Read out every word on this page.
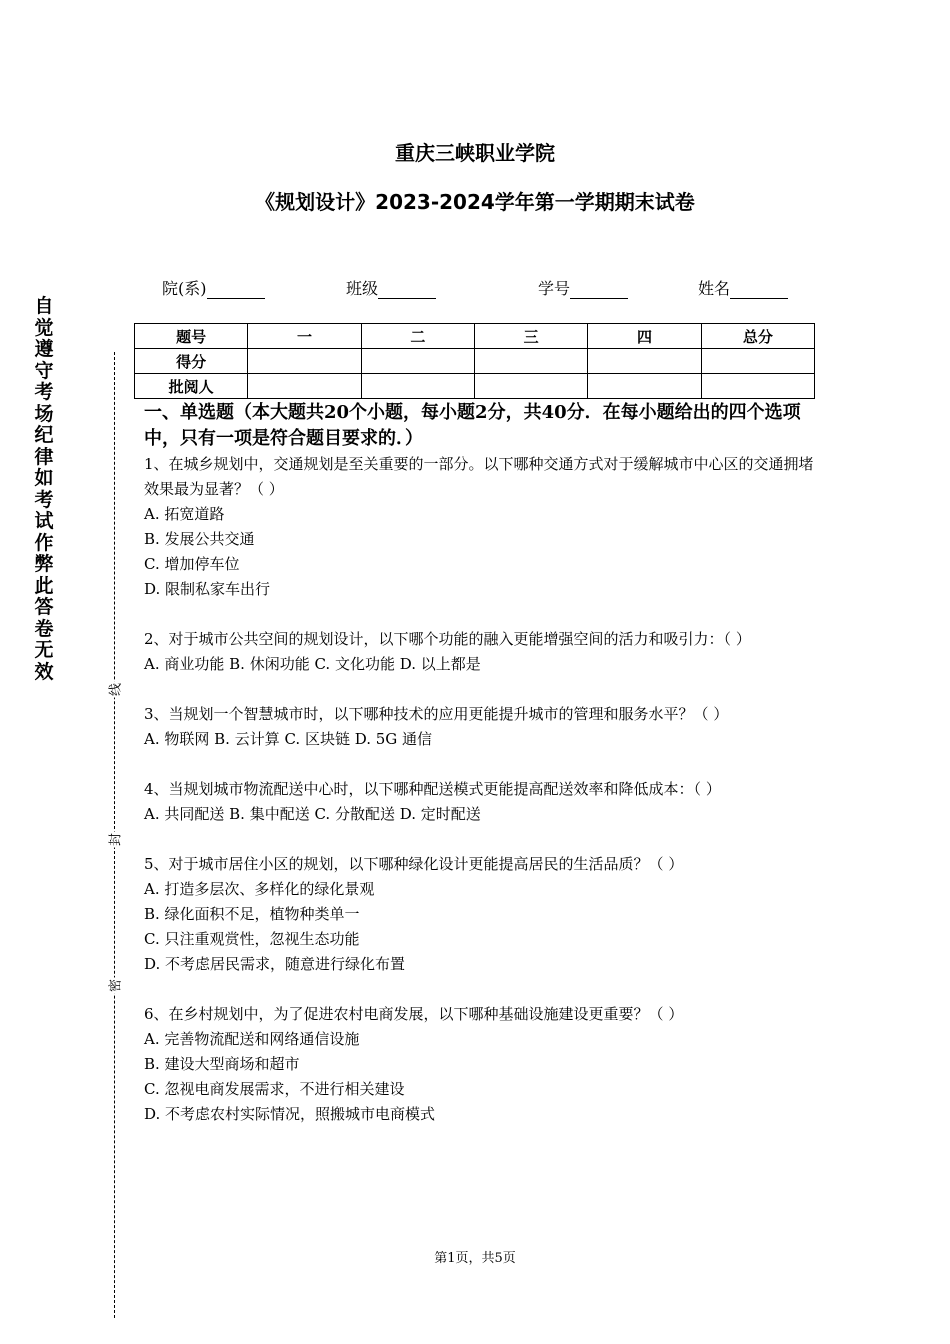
重庆三峡职业学院
《规划设计》2023-2024学年第一学期期末试卷
院(系)	班级	学号	姓名
题号	一	二	三	四	总分
得分					
批阅人					
自
觉
遵
守
考
场
纪
律
如
考
试
作
弊
此
答
卷
无
效
线
封
密

一、单选题（本大题共20个小题，每小题2分，共40分．在每小题给出的四个选项中，只有一项是符合题目要求的．）

1、在城乡规划中，交通规划是至关重要的一部分。以下哪种交通方式对于缓解城市中心区的交通拥堵效果最为显著？（ ）

A. 拓宽道路

B. 发展公共交通

C. 增加停车位

D. 限制私家车出行

2、对于城市公共空间的规划设计，以下哪个功能的融入更能增强空间的活力和吸引力：（ ）

A. 商业功能 B. 休闲功能 C. 文化功能 D. 以上都是

3、当规划一个智慧城市时，以下哪种技术的应用更能提升城市的管理和服务水平？（ ）

A. 物联网 B. 云计算 C. 区块链 D. 5G 通信

4、当规划城市物流配送中心时，以下哪种配送模式更能提高配送效率和降低成本：（ ）

A. 共同配送 B. 集中配送 C. 分散配送 D. 定时配送

5、对于城市居住小区的规划，以下哪种绿化设计更能提高居民的生活品质？（ ）

A. 打造多层次、多样化的绿化景观

B. 绿化面积不足，植物种类单一

C. 只注重观赏性，忽视生态功能

D. 不考虑居民需求，随意进行绿化布置

6、在乡村规划中，为了促进农村电商发展，以下哪种基础设施建设更重要？（ ）

A. 完善物流配送和网络通信设施

B. 建设大型商场和超市

C. 忽视电商发展需求，不进行相关建设

D. 不考虑农村实际情况，照搬城市电商模式

第1页，共5页
